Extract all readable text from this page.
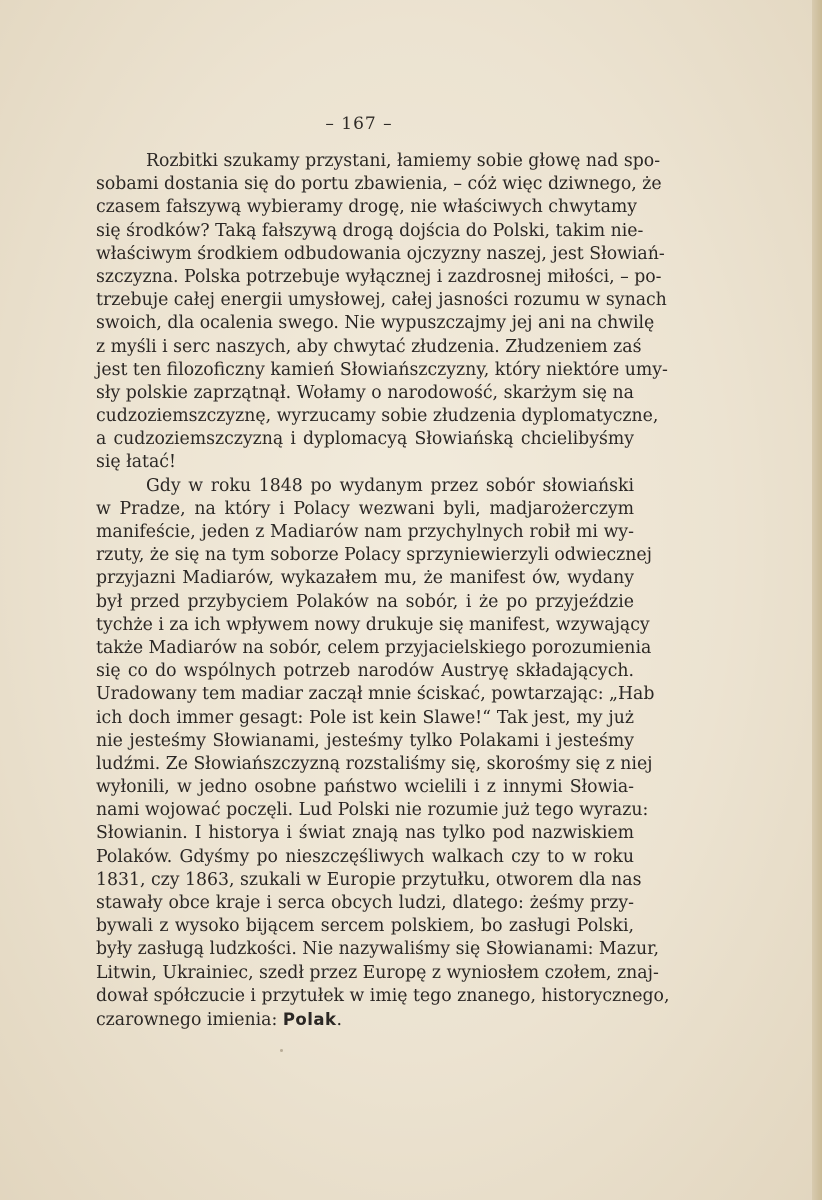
– 167 –
Rozbitki szukamy przystani, łamiemy sobie głowę nad spo-
sobami dostania się do portu zbawienia, – cóż więc dziwnego, że
czasem fałszywą wybieramy drogę, nie właściwych chwytamy
się środków? Taką fałszywą drogą dojścia do Polski, takim nie-
właściwym środkiem odbudowania ojczyzny naszej, jest Słowiań-
szczyzna. Polska potrzebuje wyłącznej i zazdrosnej miłości, – po-
trzebuje całej energii umysłowej, całej jasności rozumu w synach
swoich, dla ocalenia swego. Nie wypuszczajmy jej ani na chwilę
z myśli i serc naszych, aby chwytać złudzenia. Złudzeniem zaś
jest ten filozoficzny kamień Słowiańszczyzny, który niektóre umy-
sły polskie zaprzątnął. Wołamy o narodowość, skarżym się na
cudzoziemszczyznę, wyrzucamy sobie złudzenia dyplomatyczne,
a cudzoziemszczyzną i dyplomacyą Słowiańską chcielibyśmy
się łatać!
Gdy w roku 1848 po wydanym przez sobór słowiański
w Pradze, na który i Polacy wezwani byli, madjarożerczym
manifeście, jeden z Madiarów nam przychylnych robił mi wy-
rzuty, że się na tym soborze Polacy sprzyniewierzyli odwiecznej
przyjazni Madiarów, wykazałem mu, że manifest ów, wydany
był przed przybyciem Polaków na sobór, i że po przyjeździe
tychże i za ich wpływem nowy drukuje się manifest, wzywający
także Madiarów na sobór, celem przyjacielskiego porozumienia
się co do wspólnych potrzeb narodów Austryę składających.
Uradowany tem madiar zaczął mnie ściskać, powtarzając: „Hab
ich doch immer gesagt: Pole ist kein Slawe!“ Tak jest, my już
nie jesteśmy Słowianami, jesteśmy tylko Polakami i jesteśmy
ludźmi. Ze Słowiańszczyzną rozstaliśmy się, skorośmy się z niej
wyłonili, w jedno osobne państwo wcielili i z innymi Słowia-
nami wojować poczęli. Lud Polski nie rozumie już tego wyrazu:
Słowianin. I historya i świat znają nas tylko pod nazwiskiem
Polaków. Gdyśmy po nieszczęśliwych walkach czy to w roku
1831, czy 1863, szukali w Europie przytułku, otworem dla nas
stawały obce kraje i serca obcych ludzi, dlatego: żeśmy przy-
bywali z wysoko bijącem sercem polskiem, bo zasługi Polski,
były zasługą ludzkości. Nie nazywaliśmy się Słowianami: Mazur,
Litwin, Ukrainiec, szedł przez Europę z wyniosłem czołem, znaj-
dował spółczucie i przytułek w imię tego znanego, historycznego,
czarownego imienia: Polak.
